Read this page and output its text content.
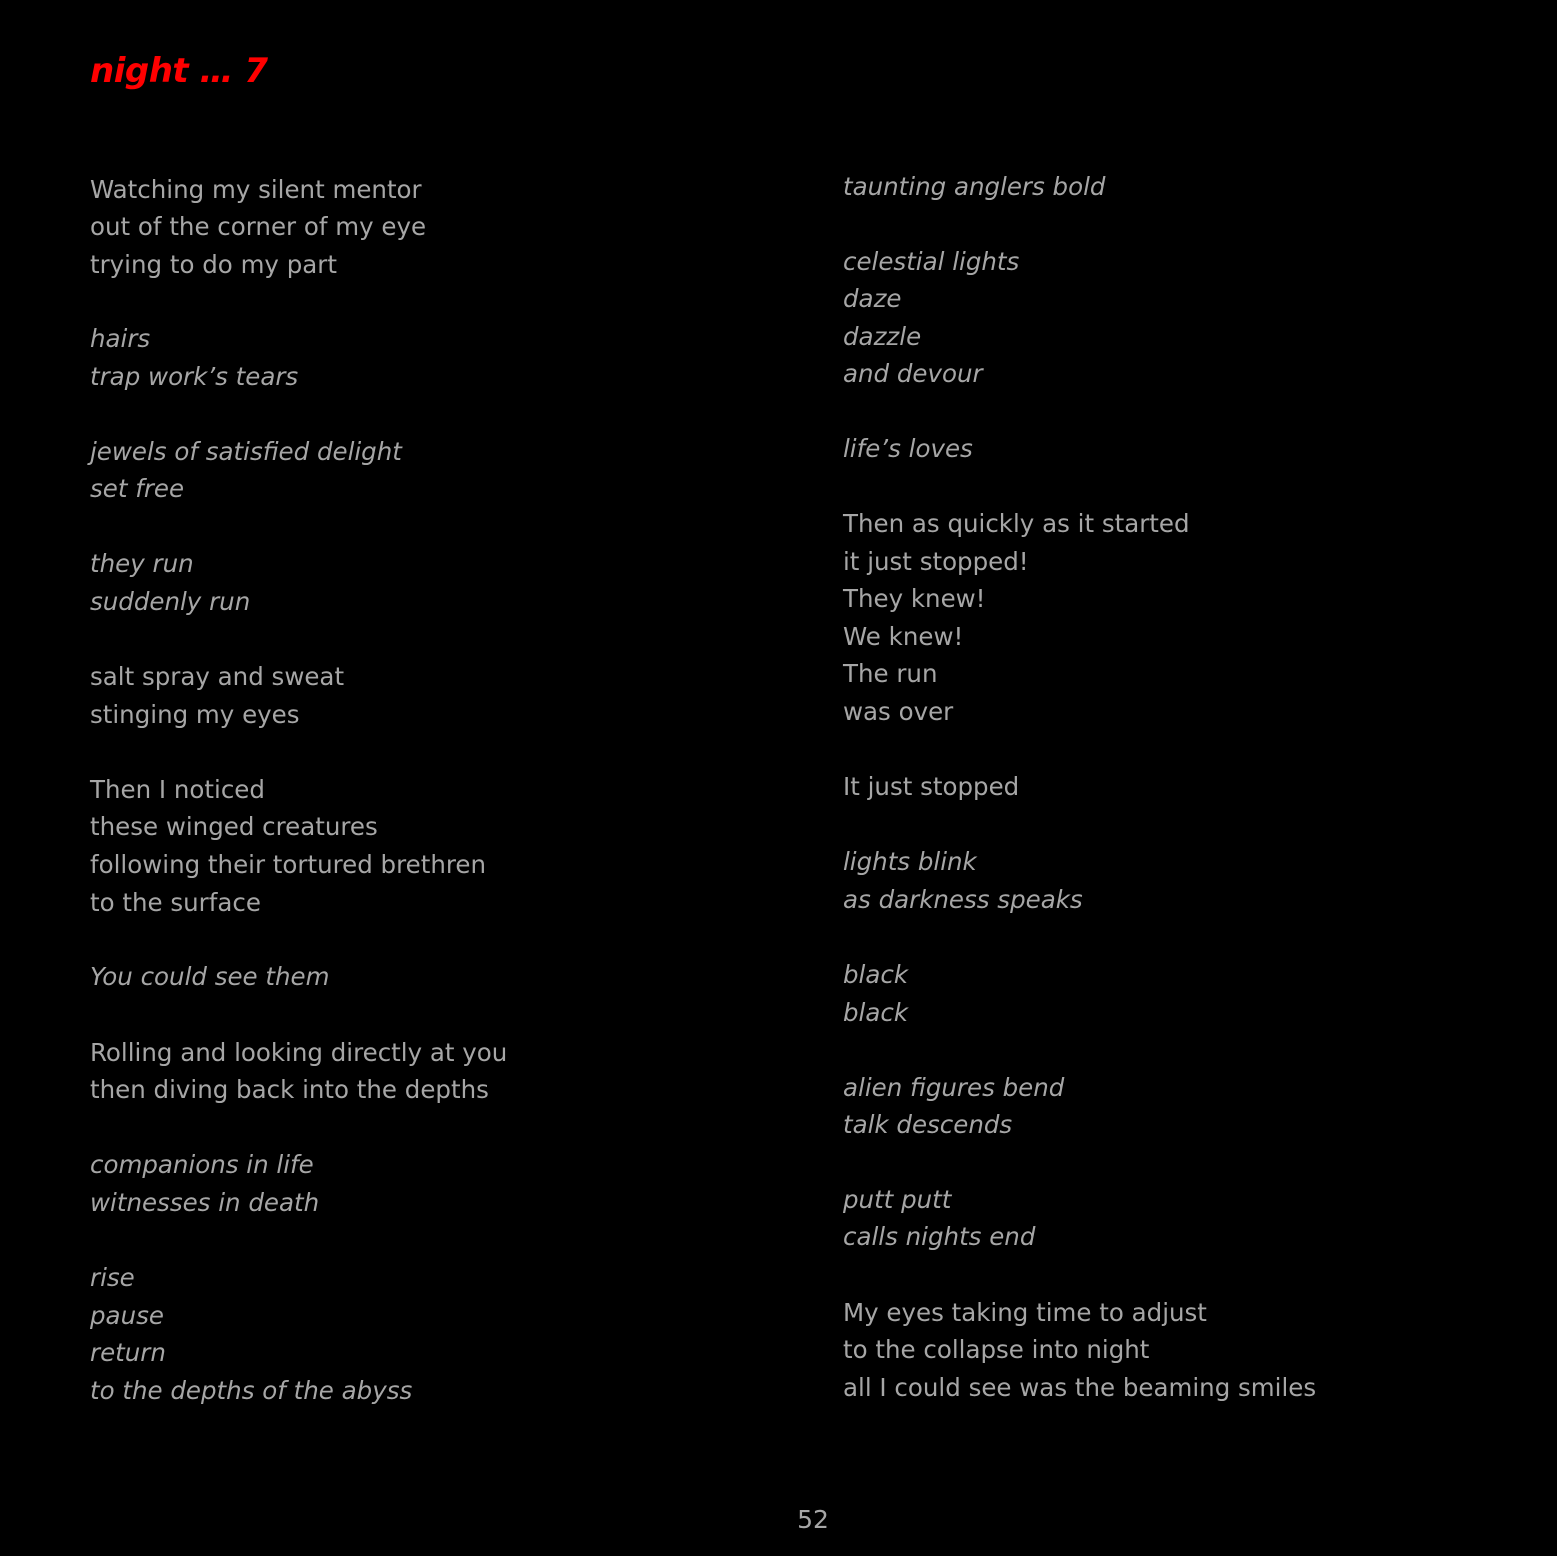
night … 7
Watching my silent mentor
out of the corner of my eye
trying to do my part
hairs
trap work’s tears
jewels of satisfied delight
set free
they run
suddenly run
salt spray and sweat
stinging my eyes
Then I noticed
these winged creatures
following their tortured brethren
to the surface
You could see them
Rolling and looking directly at you
then diving back into the depths
companions in life
witnesses in death
rise
pause
return
to the depths of the abyss
taunting anglers bold
celestial lights
daze
dazzle
and devour
life’s loves
Then as quickly as it started
it just stopped!
They knew!
We knew!
The run
was over
It just stopped
lights blink
as darkness speaks
black
black
alien figures bend
talk descends
putt putt
calls nights end
My eyes taking time to adjust
to the collapse into night
all I could see was the beaming smiles
52
